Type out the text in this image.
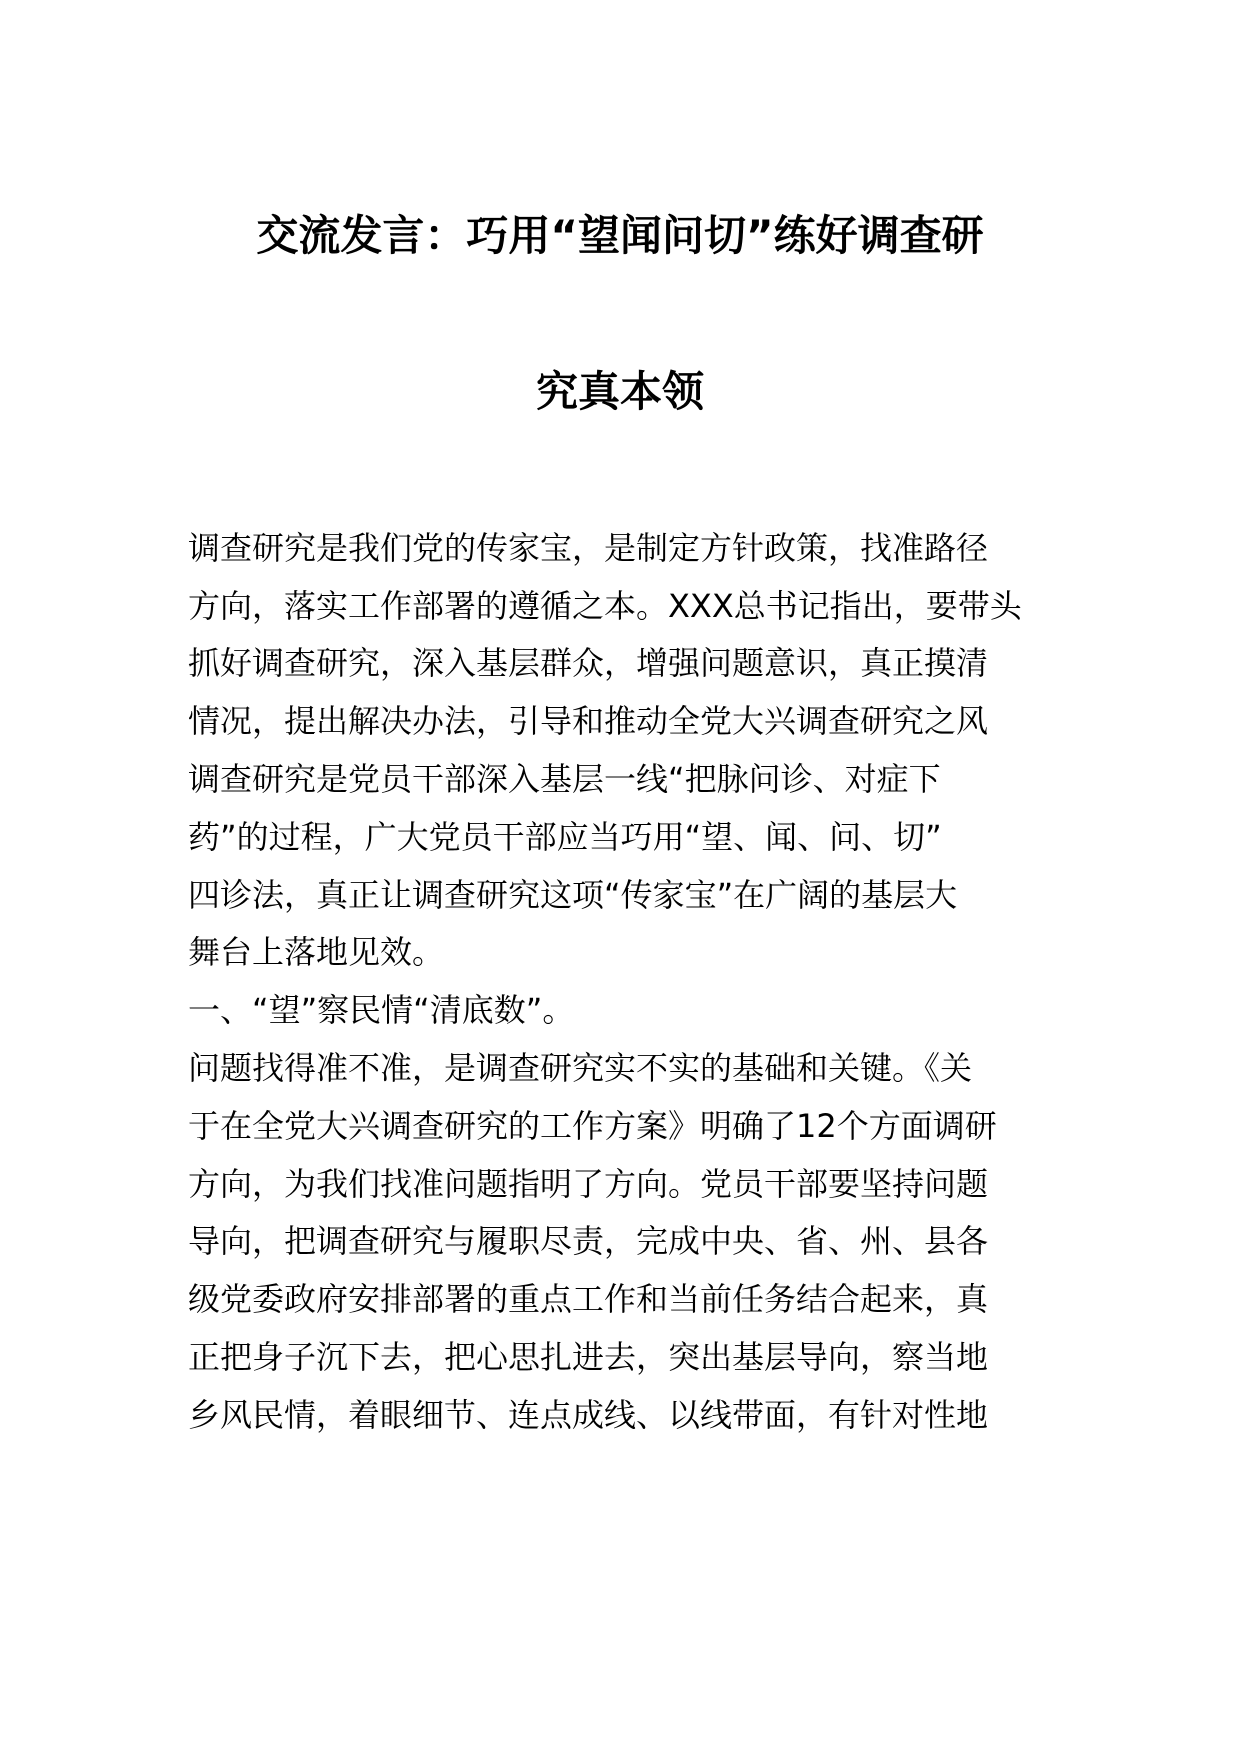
交流发言：巧用“望闻问切”练好调查研
究真本领
调查研究是我们党的传家宝，是制定方针政策，找准路径
方向，落实工作部署的遵循之本。XXX总书记指出，要带头
抓好调查研究，深入基层群众，增强问题意识，真正摸清
情况，提出解决办法，引导和推动全党大兴调查研究之风
调查研究是党员干部深入基层一线“把脉问诊、对症下
药”的过程，广大党员干部应当巧用“望、闻、问、切”
四诊法，真正让调查研究这项“传家宝”在广阔的基层大
舞台上落地见效。
一、“望”察民情“清底数”。
问题找得准不准，是调查研究实不实的基础和关键。《关
于在全党大兴调查研究的工作方案》明确了12个方面调研
方向，为我们找准问题指明了方向。党员干部要坚持问题
导向，把调查研究与履职尽责，完成中央、省、州、县各
级党委政府安排部署的重点工作和当前任务结合起来，真
正把身子沉下去，把心思扎进去，突出基层导向，察当地
乡风民情，着眼细节、连点成线、以线带面，有针对性地
